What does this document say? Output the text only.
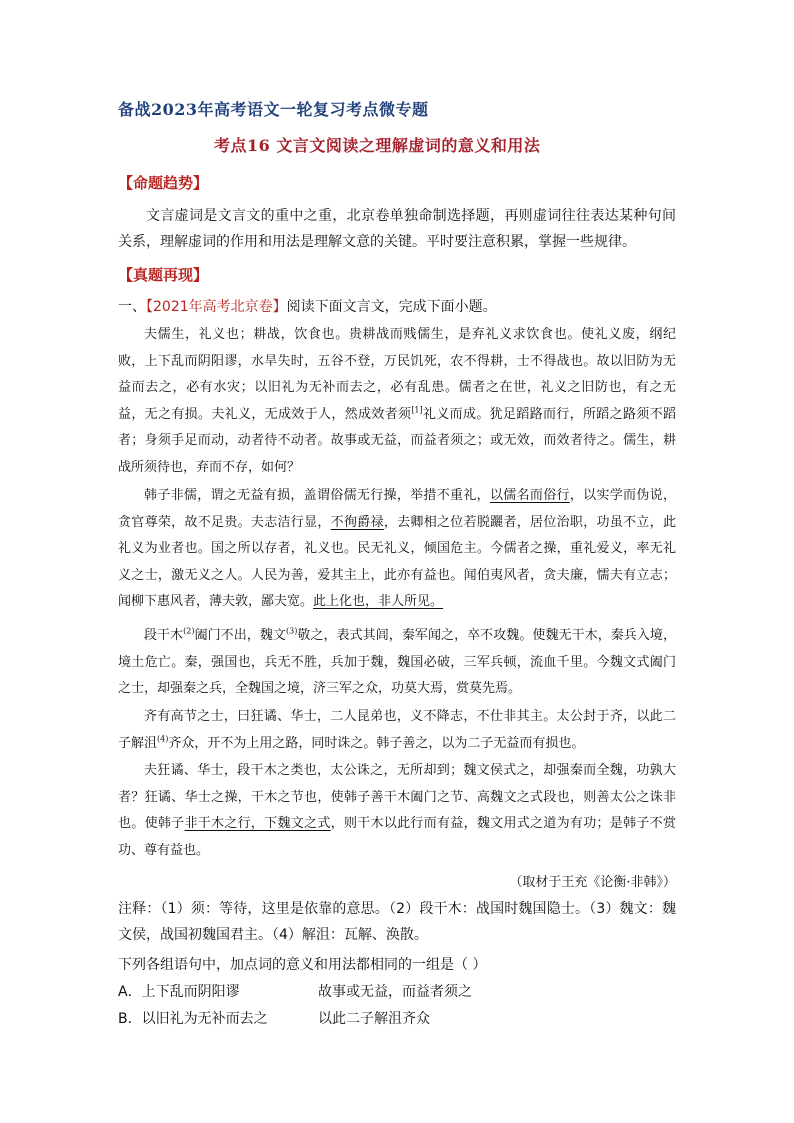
备战2023年高考语文一轮复习考点微专题
考点16 文言文阅读之理解虚词的意义和用法
【命题趋势】
文言虚词是文言文的重中之重，北京卷单独命制选择题，再则虚词往往表达某种句间关系，理解虚词的作用和用法是理解文意的关键。平时要注意积累，掌握一些规律。
【真题再现】
一、【2021年高考北京卷】阅读下面文言文，完成下面小题。
夫儒生，礼义也；耕战，饮食也。贵耕战而贱儒生，是弃礼义求饮食也。使礼义废，纲纪败，上下乱而阴阳谬，水旱失时，五谷不登，万民饥死，农不得耕，士不得战也。故以旧防为无益而去之，必有水灾；以旧礼为无补而去之，必有乱患。儒者之在世，礼义之旧防也，有之无益，无之有损。夫礼义，无成效于人，然成效者须[1]礼义而成。犹足蹈路而行，所蹈之路须不蹈者；身须手足而动，动者待不动者。故事或无益，而益者须之；或无效，而效者待之。儒生，耕战所须待也，弃而不存，如何？
韩子非儒，谓之无益有损，盖谓俗儒无行操，举措不重礼，以儒名而俗行，以实学而伪说，贪官尊荣，故不足贵。夫志洁行显，不徇爵禄，去卿相之位若脱躧者，居位治职，功虽不立，此礼义为业者也。国之所以存者，礼义也。民无礼义，倾国危主。今儒者之操，重礼爱义，率无礼义之士，激无义之人。人民为善，爱其主上，此亦有益也。闻伯夷风者，贪夫廉，懦夫有立志；闻柳下惠风者，薄夫敦，鄙夫宽。此上化也，非人所见。
段干木$^{(2)}$阖门不出，魏文$^{(3)}$敬之，表式其闾，秦军闻之，卒不攻魏。使魏无干木，秦兵入境，境土危亡。秦，强国也，兵无不胜，兵加于魏，魏国必破，三军兵顿，流血千里。今魏文式阖门之士，却强秦之兵，全魏国之境，济三军之众，功莫大焉，赏莫先焉。
齐有高节之士，曰狂谲、华士，二人昆弟也，义不降志，不仕非其主。太公封于齐，以此二子解沮$^{(4)}$齐众，开不为上用之路，同时诛之。韩子善之，以为二子无益而有损也。
夫狂谲、华士，段干木之类也，太公诛之，无所却到；魏文侯式之，却强秦而全魏，功孰大者？狂谲、华士之操，干木之节也，使韩子善干木阖门之节、高魏文之式段也，则善太公之诛非也。使韩子非干木之行，下魏文之式，则干木以此行而有益，魏文用式之道为有功；是韩子不赏功、尊有益也。
（取材于王充《论衡·非韩》）
注释：（1）须：等待，这里是依靠的意思。（2）段干木：战国时魏国隐士。（3）魏文：魏文侯，战国初魏国君主。（4）解沮：瓦解、涣散。
下列各组语句中，加点词的意义和用法都相同的一组是（ ）
A．上下乱而阴阳谬	故事或无益，而益者须之
B．以旧礼为无补而去之	以此二子解沮齐众
